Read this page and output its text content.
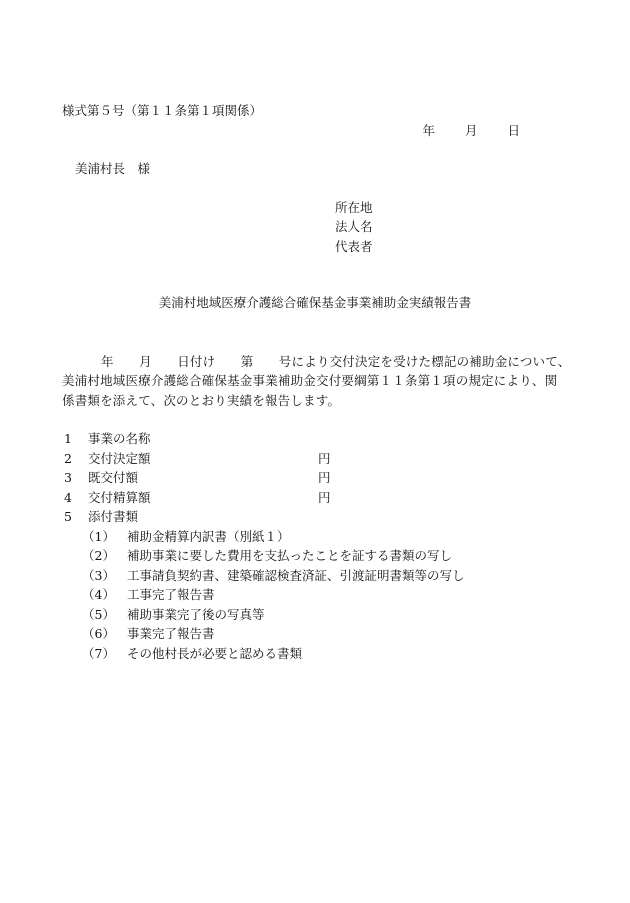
様式第５号（第１１条第１項関係）
年 月 日
美浦村長　様
所在地
法人名
代表者
美浦村地域医療介護総合確保基金事業補助金実績報告書
年　　月　　日付け　　第　　号により交付決定を受けた標記の補助金について、
美浦村地域医療介護総合確保基金事業補助金交付要綱第１１条第１項の規定により、関
係書類を添えて、次のとおり実績を報告します。
1	事業の名称
2	交付決定額	円
3	既交付額	円
4	交付精算額	円
5	添付書類
（1） 補助金精算内訳書（別紙１）
（2） 補助事業に要した費用を支払ったことを証する書類の写し
（3） 工事請負契約書、建築確認検査済証、引渡証明書類等の写し
（4） 工事完了報告書
（5） 補助事業完了後の写真等
（6） 事業完了報告書
（7） その他村長が必要と認める書類
